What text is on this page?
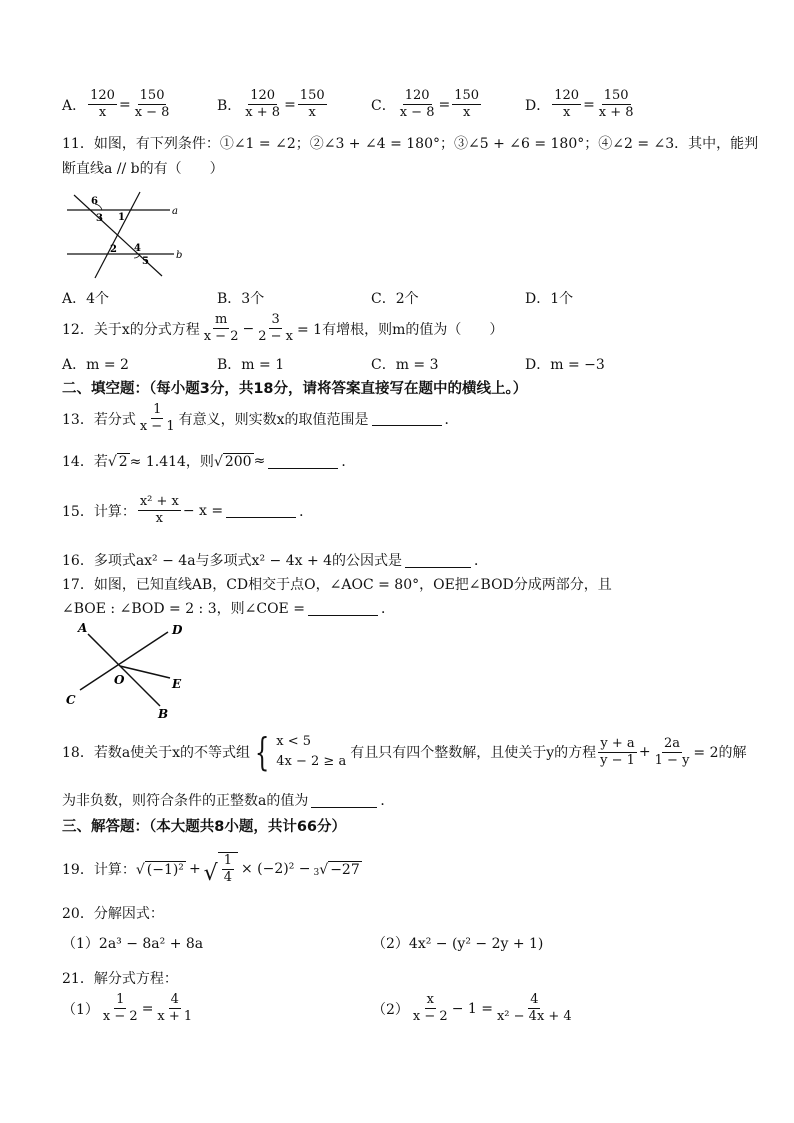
A． $\frac{120}{x} = \frac{150}{x - 8}$	B． $\frac{120}{x + 8} = \frac{150}{x}$	C． $\frac{120}{x - 8} = \frac{150}{x}$	D． $\frac{120}{x} = \frac{150}{x + 8}$
11．如图，有下列条件：①∠1 = ∠2；②∠3 + ∠4 = 180°；③∠5 + ∠6 = 180°；④∠2 = ∠3．其中，能判
断直线a // b的有（　　）
6
3 1
2 4
5
a
b
A．4个	B．3个	C．2个	D．1个
12．关于x的分式方程 $\frac{m}{x - 2} - \frac{3}{2 - x} = 1$有增根，则m的值为（　　）
A．m = 2	B．m = 1	C．m = 3	D．m = −3
二、填空题：（每小题3分，共18分，请将答案直接写在题中的横线上。）
13．若分式 $\frac{1}{x - 1}$ 有意义，则实数x的取值范围是	．
14．若 √ 2 ≈ 1.414，则 √ 200 ≈	．
15．计算： $\frac{\text{x² + x}}{x} - x$ =	．
16．多项式ax² − 4a与多项式x² − 4x + 4的公因式是	．
17．如图，已知直线AB，CD相交于点O，∠AOC = 80°，OE把∠BOD分成两部分，且
∠BOE : ∠BOD = 2 : 3，则∠COE =	．
A	D
C
O	E
B
18．若数a使关于x的不等式组 { x < 5
4x − 2 ≥ a
有且只有四个整数解，且使关于y的方程 $\frac{y + a}{y - 1} + \frac{2a}{1 - y} = 2$的解
为非负数，则符合条件的正整数a的值为	．
三、解答题：（本大题共8小题，共计66分）
19．计算： √ (−1)² + √ $\frac{1}{4} \times (-2)^2 - 3$ √ −27
20．分解因式：
（1）2a³ − 8a² + 8a	（2）4x² − (y² − 2y + 1)
21．解分式方程：
$(1) \frac{1}{x - 2} = \frac{4}{x + 1}$	$(2) \frac{x}{x - 2} - 1 = \frac{4}{\text{x² − 4x + 4}}$
